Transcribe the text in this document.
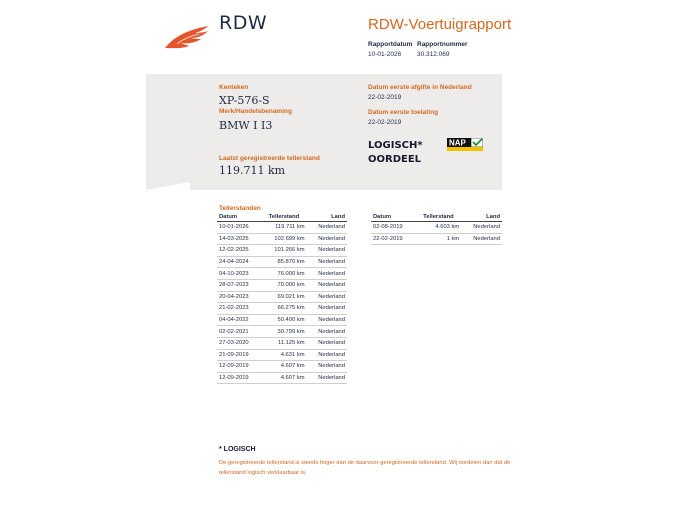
RDW	RDW-Voertuigrapport
Rapportdatum
10-01-2026
Rapportnummer
30.312.069
Kenteken
XP-576-S
Merk/Handelsbenaming
BMW I I3
Laatst geregistreerde tellerstand
119.711 km
Datum eerste afgifte in Nederland
22-02-2019
Datum eerste toelating
22-02-2019
LOGISCH*
OORDEEL
NAP
Tellerstanden
Datum	Tellerstand	Land
10-01-2026	119.711 km	Nederland
14-03-2025	102.699 km	Nederland
12-02-2025	101.266 km	Nederland
24-04-2024	85.870 km	Nederland
04-10-2023	76.000 km	Nederland
28-07-2023	70.000 km	Nederland
20-04-2023	69.021 km	Nederland
21-02-2023	66.275 km	Nederland
04-04-2022	50.400 km	Nederland
02-02-2021	30.799 km	Nederland
27-03-2020	11.125 km	Nederland
21-09-2019	4.631 km	Nederland
12-09-2019	4.607 km	Nederland
12-09-2019	4.607 km	Nederland
Datum	Tellerstand	Land
02-08-2019	4.603 km	Nederland
22-02-2019	1 km	Nederland
* LOGISCH
De geregistreerde tellerstand is steeds hoger dan de daarvoor geregistreerde tellerstand. Wij oordelen dan dat de tellerstand logisch verklaarbaar is.
